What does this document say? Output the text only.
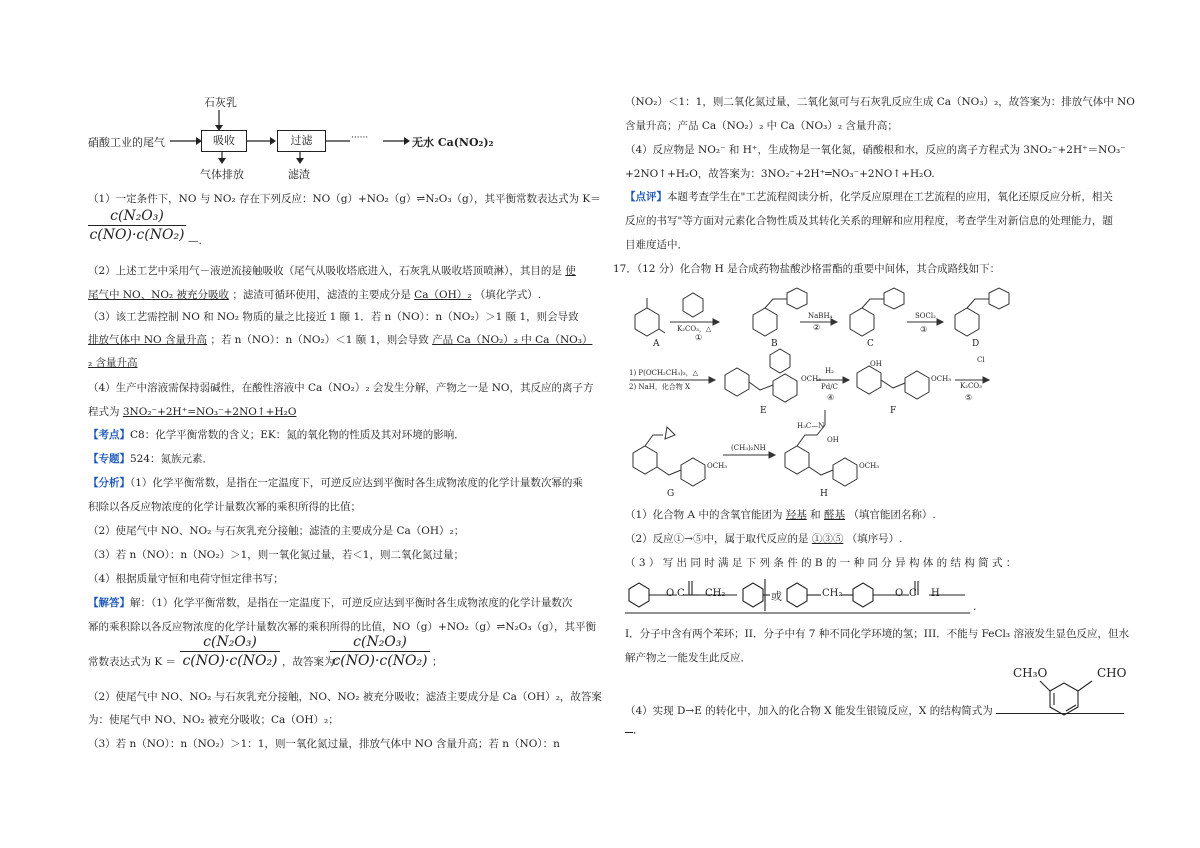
石灰乳
硝酸工业的尾气	吸收	过滤	······	无水 Ca(NO₂)₂
气体排放	滤渣
（1）一定条件下，NO 与 NO₂ 存在下列反应：NO（g）+NO₂（g）⇌N₂O₃（g），其平衡常数表达式为 K＝
$\frac{\text{c(N₂O₃)}}{\text{c(NO)·c(NO₂)}}$ —.
（2）上述工艺中采用气－液逆流接触吸收（尾气从吸收塔底进入，石灰乳从吸收塔顶喷淋），其目的是 使
尾气中 NO、NO₂ 被充分吸收 ；滤渣可循环使用，滤渣的主要成分是 Ca（OH）₂ （填化学式）.
（3）该工艺需控制 NO 和 NO₂ 物质的量之比接近 1 颐 1．若 n（NO）：n（NO₂）＞1 颐 1，则会导致
排放气体中 NO 含量升高 ；若 n（NO）：n（NO₂）＜1 颐 1，则会导致 产品 Ca（NO₂）₂ 中 Ca（NO₃）
₂ 含量升高
（4）生产中溶液需保持弱碱性，在酸性溶液中 Ca（NO₂）₂ 会发生分解，产物之一是 NO，其反应的离子方
程式为 3NO₂⁻+2H⁺=NO₃⁻+2NO↑+H₂O
【考点】C8：化学平衡常数的含义；EK：氮的氧化物的性质及其对环境的影响．
【专题】524：氮族元素．
【分析】（1）化学平衡常数，是指在一定温度下，可逆反应达到平衡时各生成物浓度的化学计量数次幂的乘
积除以各反应物浓度的化学计量数次幂的乘积所得的比值；
（2）使尾气中 NO、NO₂ 与石灰乳充分接触；滤渣的主要成分是 Ca（OH）₂；
（3）若 n（NO）：n（NO₂）＞1，则一氧化氮过量，若＜1，则二氧化氮过量；
（4）根据质量守恒和电荷守恒定律书写；
【解答】解：（1）化学平衡常数，是指在一定温度下，可逆反应达到平衡时各生成物浓度的化学计量数次
幂的乘积除以各反应物浓度的化学计量数次幂的乘积所得的比值，NO（g）+NO₂（g）⇌N₂O₃（g），其平衡
常数表达式为 $K = \frac{\text{c(N₂O₃)}}{\text{c(NO)·c(NO₂)}}$ ，故答案为：
$\frac{\text{c(N₂O₃)}}{\text{c(NO)·c(NO₂)}}$ ；
（2）使尾气中 NO、NO₂ 与石灰乳充分接触，NO、NO₂ 被充分吸收；滤渣主要成分是 Ca（OH）₂，故答案
为：使尾气中 NO、NO₂ 被充分吸收；Ca（OH）₂；
（3）若 n（NO）：n（NO₂）＞1：1，则一氧化氮过量，排放气体中 NO 含量升高；若 n（NO）：n
（NO₂）＜1：1，则二氧化氮过量，二氧化氮可与石灰乳反应生成 Ca（NO₃）₂，故答案为：排放气体中 NO
含量升高；产品 Ca（NO₂）₂ 中 Ca（NO₃）₂ 含量升高；
（4）反应物是 NO₂⁻ 和 H⁺，生成物是一氧化氮，硝酸根和水，反应的离子方程式为 3NO₂⁻+2H⁺＝NO₃⁻
+2NO↑+H₂O，故答案为：3NO₂⁻+2H⁺═NO₃⁻+2NO↑+H₂O.
【点评】本题考查学生在"工艺流程阅读分析，化学反应原理在工艺流程的应用，氧化还原反应分析，相关
反应的书写"等方面对元素化合物性质及其转化关系的理解和应用程度，考查学生对新信息的处理能力，题
目难度适中．
17．（12 分）化合物 H 是合成药物盐酸沙格雷酯的重要中间体，其合成路线如下：
A	B	C	D
E	F
G	H
K₂CO₃，△
①
NaBH₄
②
SOCl₂
③
1) P(OCH₂CH₃)₃，△
2) NaH，化合物 X
OCH₃
H₂
Pd/C
④
OH
OCH₃
Cl
K₂CO₃
⑤
OCH₃
(CH₃)₂NH
H₃C—N
OH
OCH₃
（1）化合物 A 中的含氧官能团为 羟基 和 醛基 （填官能团名称）.
（2）反应①→⑤中，属于取代反应的是 ①③⑤ （填序号）.
（ 3 ） 写 出 同 时 满 足 下 列 条 件 的 B 的 一 种 同 分 异 构 体 的 结 构 简 式 ：
O C CH₂	或	CH₂	O C H
.
I．分子中含有两个苯环；II．分子中有 7 种不同化学环境的氢；III．不能与 FeCl₃ 溶液发生显色反应，但水
解产物之一能发生此反应．
CH₃O	CHO
（4）实现 D→E 的转化中，加入的化合物 X 能发生银镜反应，X 的结构简式为
．
